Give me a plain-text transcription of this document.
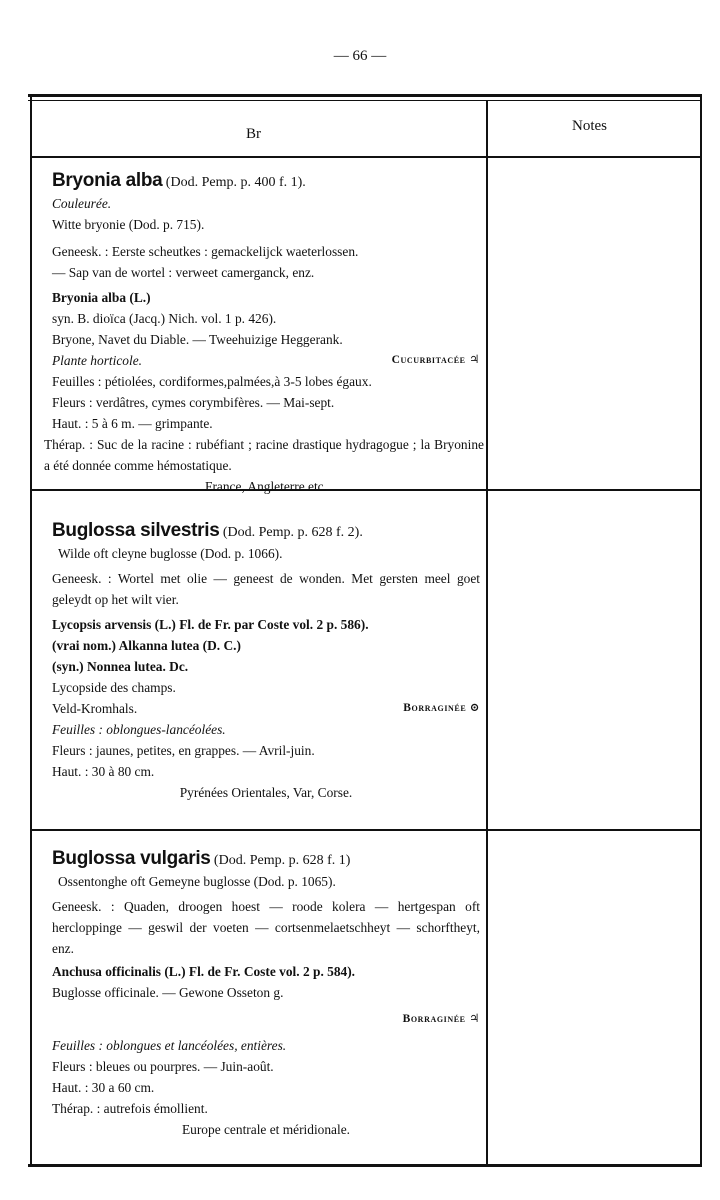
— 66 —
Br	Notes
Bryonia alba (Dod. Pemp. p. 400 f. 1).
Couleurée.
Witte bryonie (Dod. p. 715).
Geneesk. : Eerste scheutkes : gemackelijck waeterlossen.
— Sap van de wortel : verweet camerganck, enz.
Bryonia alba (L.)
syn. B. dioïca (Jacq.) Nich. vol. 1 p. 426).
Bryone, Navet du Diable. — Tweehuizige Heggerank.
Plante horticole.	Cucurbitacée ♃
Feuilles : pétiolées, cordiformes,palmées,à 3-5 lobes égaux.
Fleurs : verdâtres, cymes corymbifères. — Mai-sept.
Haut. : 5 à 6 m. — grimpante.
Thérap. : Suc de la racine : rubéfiant ; racine drastique hydragogue ; la Bryonine a été donnée comme hémostatique.
France, Angleterre etc.
Buglossa silvestris (Dod. Pemp. p. 628 f. 2).
Wilde oft cleyne buglosse (Dod. p. 1066).
Geneesk. : Wortel met olie — geneest de wonden. Met gersten meel goet geleydt op het wilt vier.
Lycopsis arvensis (L.) Fl. de Fr. par Coste vol. 2 p. 586).
(vrai nom.) Alkanna lutea (D. C.)
(syn.) Nonnea lutea. Dc.
Lycopside des champs.
Veld-Kromhals.	Borraginée ⊙
Feuilles : oblongues-lancéolées.
Fleurs : jaunes, petites, en grappes. — Avril-juin.
Haut. : 30 à 80 cm.
Pyrénées Orientales, Var, Corse.
Buglossa vulgaris (Dod. Pemp. p. 628 f. 1)
Ossentonghe oft Gemeyne buglosse (Dod. p. 1065).
Geneesk. : Quaden, droogen hoest — roode kolera — hertgespan oft hercloppinge — geswil der voeten — cortsenmelaetschheyt — schorftheyt, enz.
Anchusa officinalis (L.) Fl. de Fr. Coste vol. 2 p. 584).
Buglosse officinale. — Gewone Osseton g.
Borraginée ♃
Feuilles : oblongues et lancéolées, entières.
Fleurs : bleues ou pourpres. — Juin-août.
Haut. : 30 a 60 cm.
Thérap. : autrefois émollient.
Europe centrale et méridionale.
